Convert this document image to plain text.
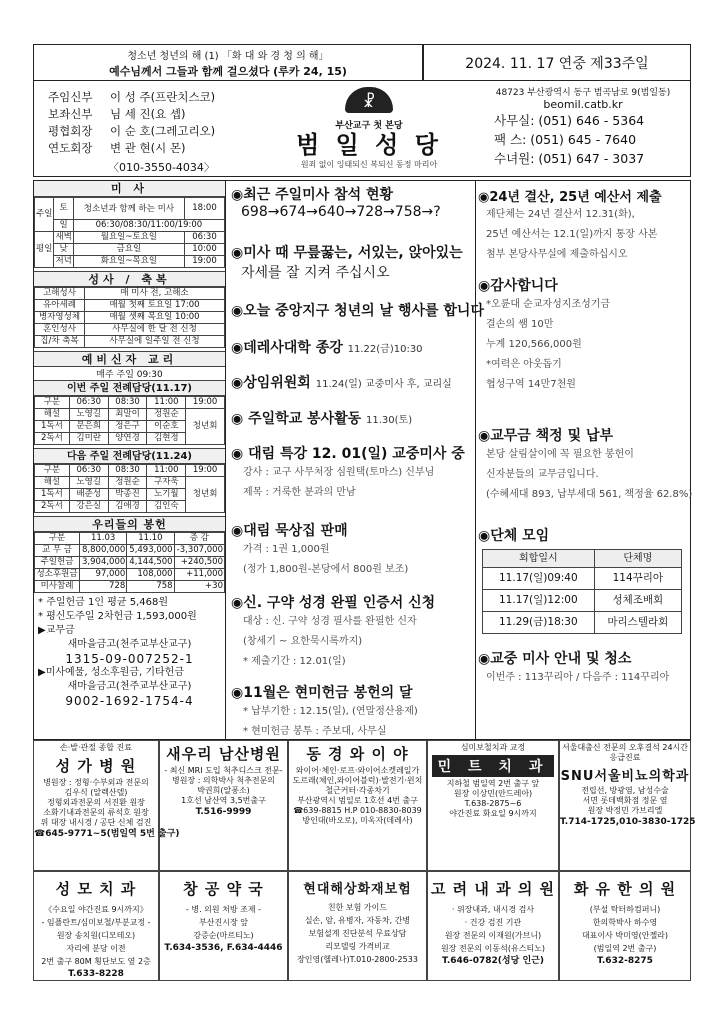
청소년 청년의 해 (1) 「화 대 와 경 청 의 해」
예수님께서 그들과 함께 걸으셨다 (루카 24, 15)	2024. 11. 17 연중 제33주일
주임신부 이 성 주(프란치스코)
보좌신부 님 세 진(요 셉)
평협회장 이 순 호(그레고리오)
연도회장 변 관 현(시 몬)
〈010-3550-4034〉
☧
부산교구 첫 본당
범 일 성 당
원죄 없이 잉태되신 복되신 동정 마리아
48723 부산광역시 동구 범곡남로 9(범일동)
beomil.catb.kr
사무실: (051) 646 - 5364
팩 스: (051) 645 - 7640
수녀원: (051) 647 - 3037
미 사
주일	토	청소년과 함께 하는 미사	18:00
	일	06:30/08:30/11:00/19:00	
평일	새벽	월요일~토요일	06:30
	낮	금요일	10:00
	저녁	화요일~목요일	19:00
성사 / 축복
고해성사	매 미사 전, 고해소
유아세례	매월 첫째 토요일 17:00
병자영성체	매월 셋째 목요일 10:00
혼인성사	사무실에 한 달 전 신청
집/차 축복	사무실에 일주일 전 신청
예비신자 교리
매주 주일 09:30
이번 주일 전례담당(11.17)
구분	06:30	08:30	11:00	19:00
해설	노영길	최말이	정원순	청년회
1독서	문은희	정은구	이순호	
2독서	김미란	양연경	김현정	
다음 주일 전례담당(11.24)
구분	06:30	08:30	11:00	19:00
해설	노영길	정원순	구자욱	청년회
1독서	배준성	박종진	노기월	
2독서	강은실	김애경	김인숙	
우리들의 봉헌
구분	11.03	11.10	증 감
교 무 금	8,800,000	5,493,000	-3,307,000
주일헌금	3,904,000	4,144,500	+240,500
성소후원금	97,000	108,000	+11,000
미사참례	728	758	+30
* 주일헌금 1인 평균 5,468원
* 평신도주일 2차헌금 1,593,000원
▶교무금
새마을금고(천주교부산교구)
1315-09-007252-1
▶미사예물, 성소후원금, 기타헌금
새마을금고(천주교부산교구)
9002-1692-1754-4
◉최근 주일미사 참석 현황
698→674→640→728→758→?
◉미사 때 무릎꿇는, 서있는, 앉아있는
자세를 잘 지켜 주십시오
◉오늘 중앙지구 청년의 날 행사를 합니다
◉데레사대학 종강 11.22(금)10:30
◉상임위원회 11.24(일) 교중미사 후, 교리실
◉ 주일학교 봉사활동 11.30(토)
◉ 대림 특강 12. 01(일) 교중미사 중
강사 : 교구 사무처장 심원택(토마스) 신부님
제목 : 거룩한 분과의 만남
◉대림 묵상집 판매
가격 : 1권 1,000원
(정가 1,800원-본당에서 800원 보조)
◉신. 구약 성경 완필 인증서 신청
대상 : 신. 구약 성경 필사를 완필한 신자
(창세기 ~ 요한묵시록까지)
* 제출기간 : 12.01(일)
◉11월은 현미헌금 봉헌의 달
* 납부기한 : 12.15(일), (연말정산용제)
* 현미헌금 봉투 : 주보대, 사무실
◉24년 결산, 25년 예산서 제출
제단체는 24년 결산서 12.31(화),
25년 예산서는 12.1(일)까지 통장 사본
첨부 본당사무실에 제출하십시오
◉감사합니다
*오륜대 순교자성지조성기금
결손의 쌤 10만
누계 120,566,000원
*여력은 아웃돕기
협성구역 14만7천원
◉교무금 책정 및 납부
본당 살림살이에 꼭 필요한 봉헌이
신자분들의 교무금입니다.
(수혜세대 893, 납부세대 561, 책정율 62.8%)
◉단체 모임
회합일시	단체명
11.17(일)09:40	114꾸리아
11.17(일)12:00	성체조배회
11.29(금)18:30	마리스텔라회
◉교중 미사 안내 및 청소
이번주 : 113꾸리아 / 다음주 : 114꾸리아
손·발·관절 종합 진료
성 가 병 원
병원장 : 정형·수부외과 전문의
김우식 (알렉산델)
정형외과전문의 서진환 원장
소화기내과전문의 류석호 원장
위 대장 내시경 / 공단 신체 검진
☎645-9771~5(범일역 5번 출구)
새우리 남산병원
- 최신 MRI 도입 척추디스크 전문-
병원장 : 의학박사 척추전문의
박권희(알퐁소)
1호선 남산역 3,5번출구
T.516-9999
동 경 와 이 야
와이어·체인·로프·와이어소켓레일가
도르래(체인,와이어블럭)·발전기·윈치
철근커터·각종차기
부산광역시 범일로 1호선 4번 출구
☎639-8815 H.P 010-8830-8039
방인대(바오로), 미옥자(데레사)
심미보철치과 교정
민 트 치 과
지하철 범일역 2번 출구 앞
원장 이상민(안드레아)
T.638-2875~6
야간진료 화요일 9시까지
서울대출신 전문의 오후결석 24시간 응급진료
SNU서울비뇨의학과
전립선, 방광염, 남성수술
서면 롯데백화점 정문 옆
원장 박정민 가브리엘
T.714-1725,010-3830-1725
성 모 치 과
《수요일 야간진료 9시까지》
- 임플란트/심미보철/부분교정 -
원장 송치원(디모테오)
자리에 분당 이전
2번 출구 80M 횡단보도 옆 2층
T.633-8228
창 공 약 국
- 병. 의원 처방 조제 -
부산진시장 앞
강증순(마르티노)
T.634-3536, F.634-4446
현대해상화재보험
친한 보험 가이드
실손, 암, 유병자, 자동차, 간병
보험설계 진단분석 무료상담
리모델링 가격비교
장인영(헬레나)T.010-2800-2533
고 려 내 과 의 원
· 위장내과, 내시경 검사
· 건강 검진 기관
원장 전문의 이재원(가브니)
원장 전문의 이동석(유스티노)
T.646-0782(성당 인근)
화 유 한 의 원
(부설 탁터하컴퍼니)
한의학박사 하수영
대표이사 박미영(안젤라)
(범일역 2번 출구)
T.632-8275
